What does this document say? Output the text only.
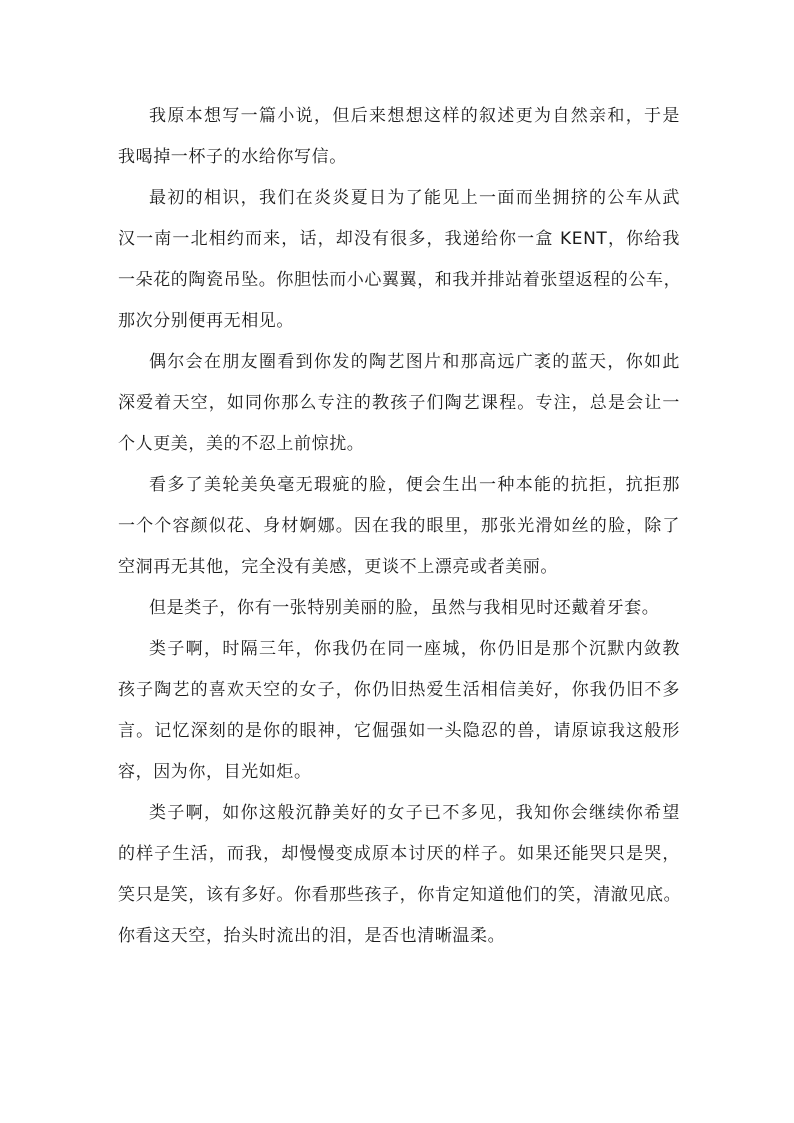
我原本想写一篇小说，但后来想想这样的叙述更为自然亲和，于是
我喝掉一杯子的水给你写信。
最初的相识，我们在炎炎夏日为了能见上一面而坐拥挤的公车从武
汉一南一北相约而来，话，却没有很多，我递给你一盒 KENT，你给我
一朵花的陶瓷吊坠。你胆怯而小心翼翼，和我并排站着张望返程的公车，
那次分别便再无相见。
偶尔会在朋友圈看到你发的陶艺图片和那高远广袤的蓝天，你如此
深爱着天空，如同你那么专注的教孩子们陶艺课程。专注，总是会让一
个人更美，美的不忍上前惊扰。
看多了美轮美奂毫无瑕疵的脸，便会生出一种本能的抗拒，抗拒那
一个个容颜似花、身材婀娜。因在我的眼里，那张光滑如丝的脸，除了
空洞再无其他，完全没有美感，更谈不上漂亮或者美丽。
但是类子，你有一张特别美丽的脸，虽然与我相见时还戴着牙套。
类子啊，时隔三年，你我仍在同一座城，你仍旧是那个沉默内敛教
孩子陶艺的喜欢天空的女子，你仍旧热爱生活相信美好，你我仍旧不多
言。记忆深刻的是你的眼神，它倔强如一头隐忍的兽，请原谅我这般形
容，因为你，目光如炬。
类子啊，如你这般沉静美好的女子已不多见，我知你会继续你希望
的样子生活，而我，却慢慢变成原本讨厌的样子。如果还能哭只是哭，
笑只是笑，该有多好。你看那些孩子，你肯定知道他们的笑，清澈见底。
你看这天空，抬头时流出的泪，是否也清晰温柔。
